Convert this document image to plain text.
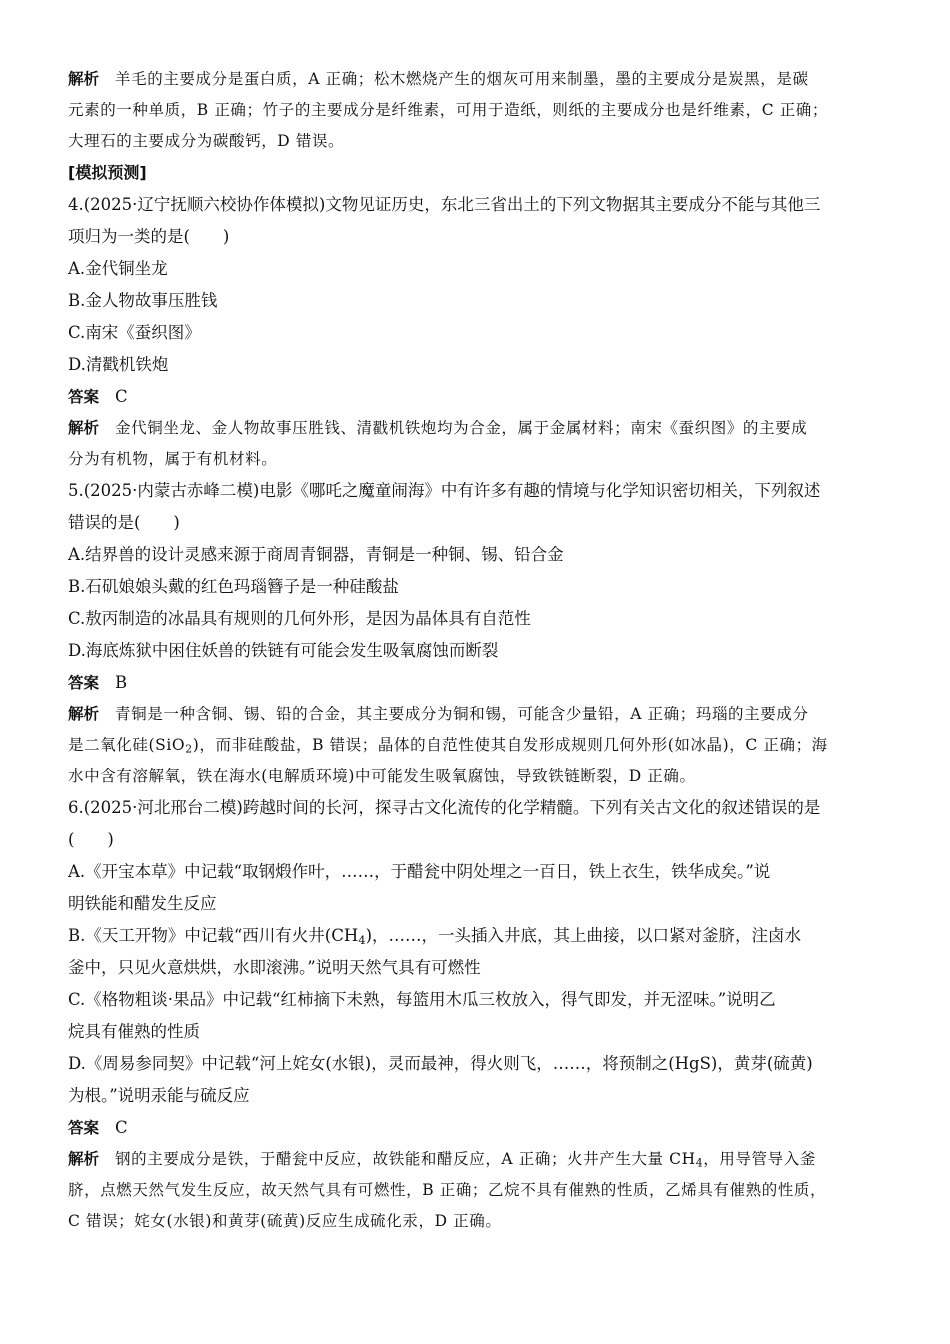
解析 羊毛的主要成分是蛋白质，A 正确；松木燃烧产生的烟灰可用来制墨，墨的主要成分是炭黑，是碳
元素的一种单质，B 正确；竹子的主要成分是纤维素，可用于造纸，则纸的主要成分也是纤维素，C 正确；
大理石的主要成分为碳酸钙，D 错误。
[模拟预测]
4.(2025·辽宁抚顺六校协作体模拟)文物见证历史，东北三省出土的下列文物据其主要成分不能与其他三
项归为一类的是(　　)
A.金代铜坐龙
B.金人物故事压胜钱
C.南宋《蚕织图》
D.清戳机铁炮
答案 C
解析 金代铜坐龙、金人物故事压胜钱、清戳机铁炮均为合金，属于金属材料；南宋《蚕织图》的主要成
分为有机物，属于有机材料。
5.(2025·内蒙古赤峰二模)电影《哪吒之魔童闹海》中有许多有趣的情境与化学知识密切相关，下列叙述
错误的是(　　)
A.结界兽的设计灵感来源于商周青铜器，青铜是一种铜、锡、铅合金
B.石矶娘娘头戴的红色玛瑙簪子是一种硅酸盐
C.敖丙制造的冰晶具有规则的几何外形，是因为晶体具有自范性
D.海底炼狱中困住妖兽的铁链有可能会发生吸氧腐蚀而断裂
答案 B
解析 青铜是一种含铜、锡、铅的合金，其主要成分为铜和锡，可能含少量铅，A 正确；玛瑙的主要成分
是二氧化硅(SiO$_2$)，而非硅酸盐，B 错误；晶体的自范性使其自发形成规则几何外形(如冰晶)，C 正确；海
水中含有溶解氧，铁在海水(电解质环境)中可能发生吸氧腐蚀，导致铁链断裂，D 正确。
6.(2025·河北邢台二模)跨越时间的长河，探寻古文化流传的化学精髓。下列有关古文化的叙述错误的是
(　　)
A.《开宝本草》中记载“取钢煅作叶，……，于醋瓮中阴处埋之一百日，铁上衣生，铁华成矣。”说
明铁能和醋发生反应
B.《天工开物》中记载“西川有火井$(CH_4)$，……，一头插入井底，其上曲接，以口紧对釜脐，注卤水
釜中，只见火意烘烘，水即滚沸。”说明天然气具有可燃性
C.《格物粗谈·果品》中记载“红柿摘下未熟，每篮用木瓜三枚放入，得气即发，并无涩味。”说明乙
烷具有催熟的性质
D.《周易参同契》中记载“河上姹女(水银)，灵而最神，得火则飞，……，将预制之(HgS)，黄芽(硫黄)
为根。”说明汞能与硫反应
答案 C
解析 钢的主要成分是铁，于醋瓮中反应，故铁能和醋反应，A 正确；火井产生大量 $CH_4$，用导管导入釜
脐，点燃天然气发生反应，故天然气具有可燃性，B 正确；乙烷不具有催熟的性质，乙烯具有催熟的性质，
C 错误；姹女(水银)和黄芽(硫黄)反应生成硫化汞，D 正确。
